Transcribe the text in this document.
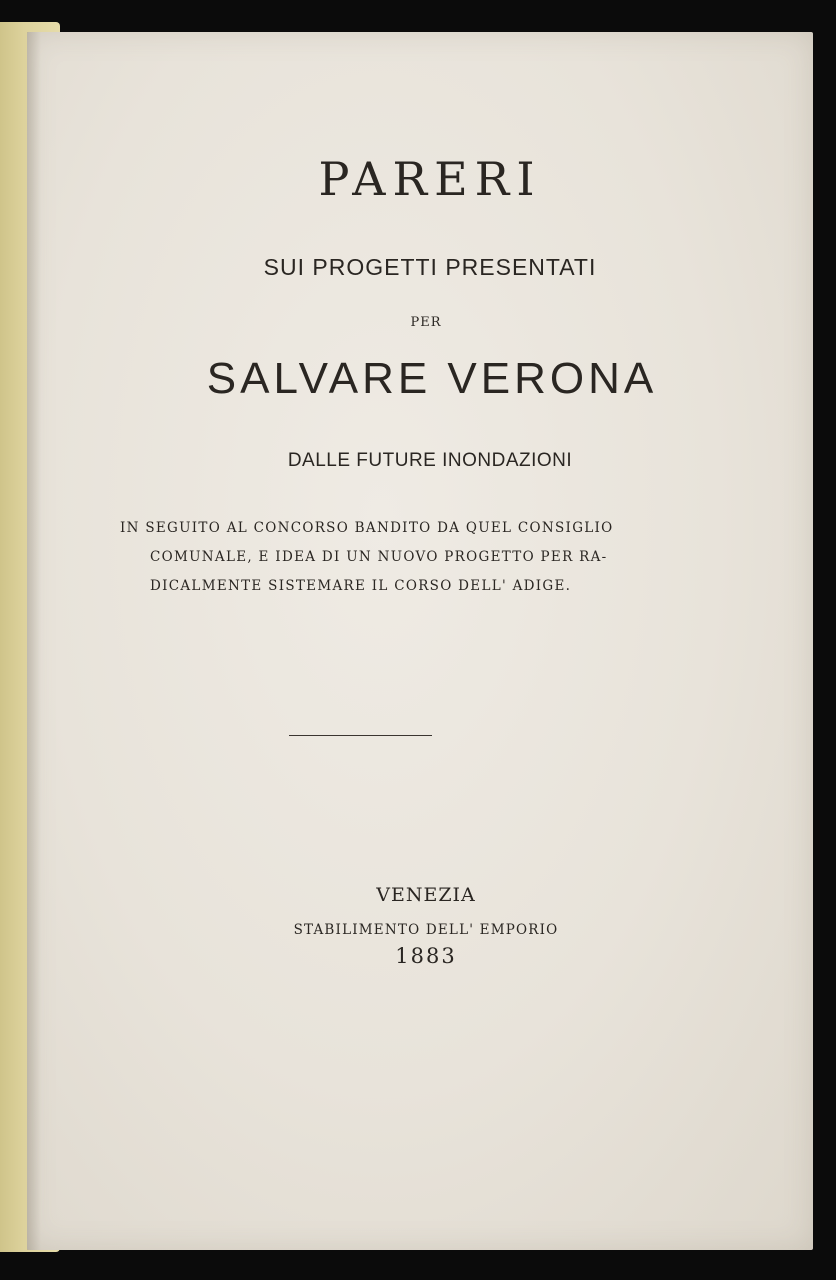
PARERI
SUI PROGETTI PRESENTATI
PER
SALVARE VERONA
DALLE FUTURE INONDAZIONI
IN SEGUITO AL CONCORSO BANDITO DA QUEL CONSIGLIO
COMUNALE, E IDEA DI UN NUOVO PROGETTO PER RA-
DICALMENTE SISTEMARE IL CORSO DELL' ADIGE.
VENEZIA
STABILIMENTO DELL' EMPORIO
1883
